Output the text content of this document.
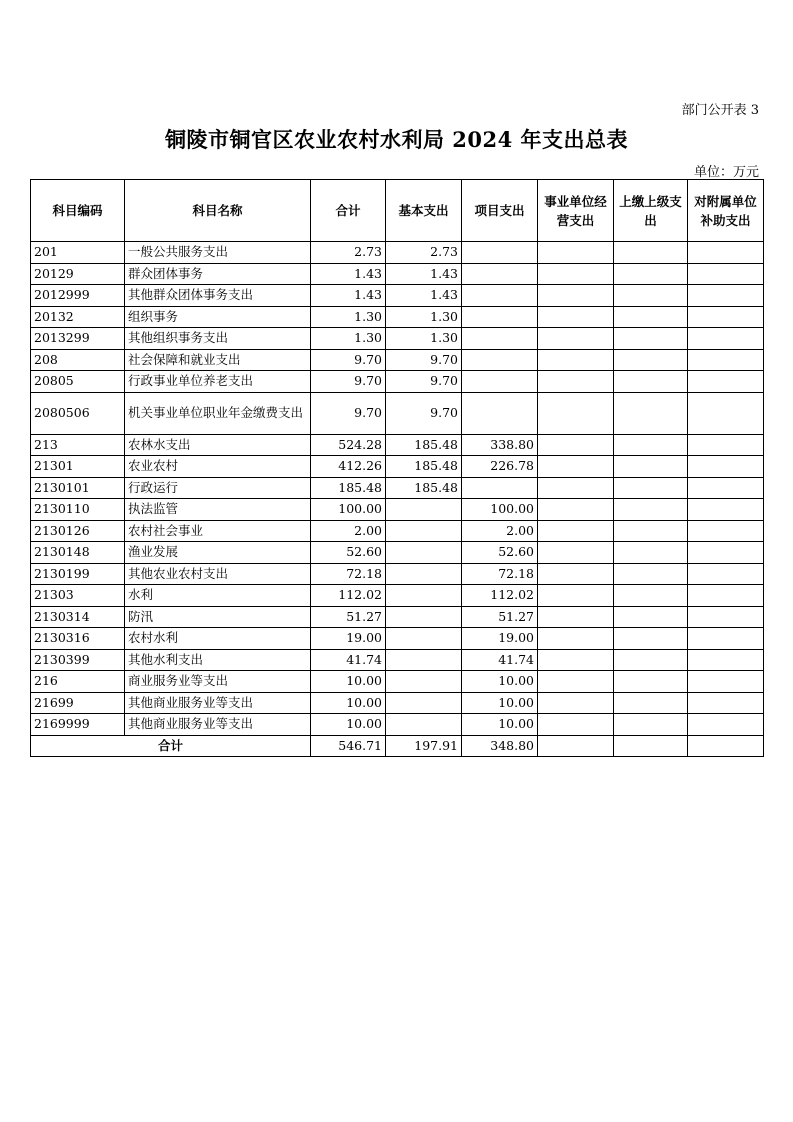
部门公开表 3
铜陵市铜官区农业农村水利局 2024 年支出总表
单位：万元
科目编码	科目名称	合计	基本支出	项目支出	事业单位经营支出	上缴上级支出	对附属单位补助支出
201	一般公共服务支出	2.73	2.73				
20129	群众团体事务	1.43	1.43				
2012999	其他群众团体事务支出	1.43	1.43				
20132	组织事务	1.30	1.30				
2013299	其他组织事务支出	1.30	1.30				
208	社会保障和就业支出	9.70	9.70				
20805	行政事业单位养老支出	9.70	9.70				
2080506	机关事业单位职业年金缴费支出	9.70	9.70				
213	农林水支出	524.28	185.48	338.80			
21301	农业农村	412.26	185.48	226.78			
2130101	行政运行	185.48	185.48				
2130110	执法监管	100.00		100.00			
2130126	农村社会事业	2.00		2.00			
2130148	渔业发展	52.60		52.60			
2130199	其他农业农村支出	72.18		72.18			
21303	水利	112.02		112.02			
2130314	防汛	51.27		51.27			
2130316	农村水利	19.00		19.00			
2130399	其他水利支出	41.74		41.74			
216	商业服务业等支出	10.00		10.00			
21699	其他商业服务业等支出	10.00		10.00			
2169999	其他商业服务业等支出	10.00		10.00			
合计		546.71	197.91	348.80			
